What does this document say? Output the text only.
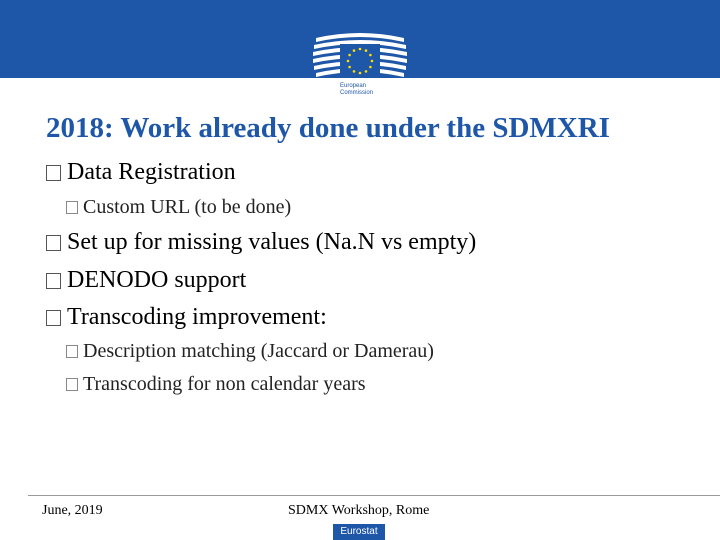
European
Commission
2018: Work already done under the SDMXRI
Data Registration
Custom URL (to be done)
Set up for missing values (Na.N vs empty)
DENODO support
Transcoding improvement:
Description matching (Jaccard or Damerau)
Transcoding for non calendar years
June, 2019	SDMX Workshop, Rome
Eurostat
